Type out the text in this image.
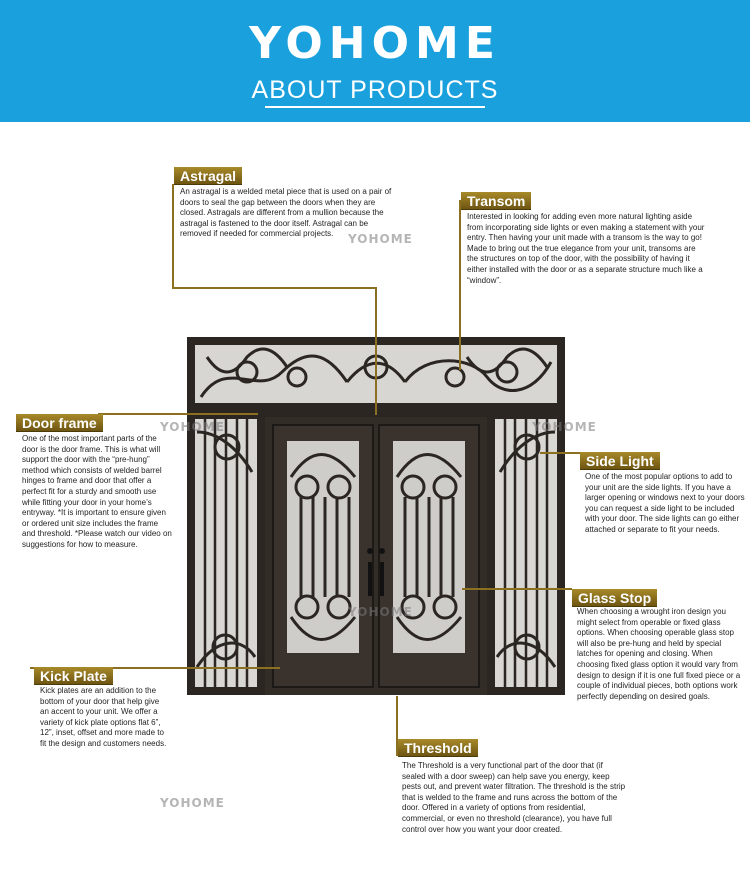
YOHOME
ABOUT PRODUCTS
Astragal
An astragal is a welded metal piece that is used on a pair of doors to seal the gap between the doors when they are closed. Astragals are different from a mullion because the astragal is fastened to the door itself. Astragal can be removed if needed for commercial projects.
Transom
Interested in looking for adding even more natural lighting aside from incorporating side lights or even making a statement with your entry. Then having your unit made with a transom is the way to go! Made to bring out the true elegance from your unit, transoms are the structures on top of the door, with the possibility of having it either installed with the door or as a separate structure much like a “window”.
Door frame
One of the most important parts of the door is the door frame. This is what will support the door with the “pre-hung” method which consists of welded barrel hinges to frame and door that offer a perfect fit for a sturdy and smooth use while fitting your door in your home’s entryway. *It is important to ensure given or ordered unit size includes the frame and threshold. *Please watch our video on suggestions for how to measure.
Side Light
One of the most popular options to add to your unit are the side lights. If you have a larger opening or windows next to your doors you can request a side light to be included with your door. The side lights can go either attached or separate to fit your needs.
Glass Stop
When choosing a wrought iron design you might select from operable or fixed glass options. When choosing operable glass stop will also be pre-hung and held by special latches for opening and closing. When choosing fixed glass option it would vary from design to design if it is one full fixed piece or a couple of individual pieces, both options work perfectly depending on desired goals.
Kick Plate
Kick plates are an addition to the bottom of your door that help give an accent to your unit. We offer a variety of kick plate options flat 6”, 12”, inset, offset and more made to fit the design and customers needs.	Threshold
The Threshold is a very functional part of the door that (if sealed with a door sweep) can help save you energy, keep pests out, and prevent water filtration. The threshold is the strip that is welded to the frame and runs across the bottom of the door. Offered in a variety of options from residential, commercial, or even no threshold (clearance), you have full control over how you want your door created.
YOHOME
YOHOME	YOHOME
YOHOME
YOHOME
